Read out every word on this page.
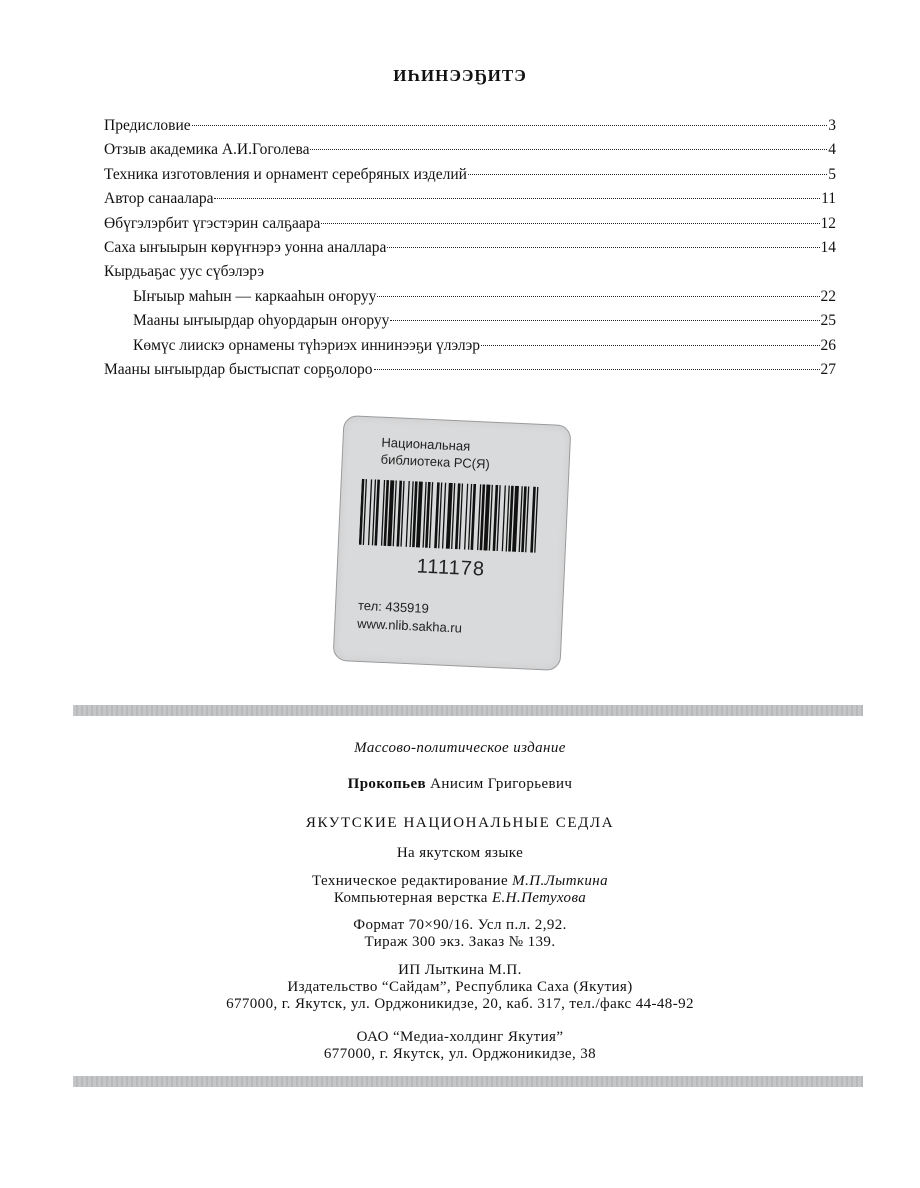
ИҺИНЭЭҔИТЭ
Предисловие	3
Отзыв академика А.И.Гоголева	4
Техника изготовления и орнамент серебряных изделий	5
Автор санаалара	11
Өбүгэлэрбит үгэстэрин салҕаара	12
Саха ыҥыырын көрүҥнэрэ уонна аналлара	14
Кырдьаҕас уус сүбэлэрэ
Ыҥыыр маһын — каркааһын оҥоруу	22
Мааны ыҥыырдар оһуордарын оҥоруу	25
Көмүс лиискэ орнамены түһэриэх иннинээҕи үлэлэр	26
Мааны ыҥыырдар быстыспат сорҕолоро	27
Национальная
библиотека РС(Я)
111178
тел: 435919
www.nlib.sakha.ru
Массово-политическое издание
Прокопьев Анисим Григорьевич
ЯКУТСКИЕ НАЦИОНАЛЬНЫЕ СЕДЛА
На якутском языке
Техническое редактирование М.П.Лыткина
Компьютерная верстка Е.Н.Петухова
Формат 70×90/16. Усл п.л. 2,92.
Тираж 300 экз. Заказ № 139.
ИП Лыткина М.П.
Издательство “Сайдам”, Республика Саха (Якутия)
677000, г. Якутск, ул. Орджоникидзе, 20, каб. 317, тел./факс 44-48-92
ОАО “Медиа-холдинг Якутия”
677000, г. Якутск, ул. Орджоникидзе, 38
